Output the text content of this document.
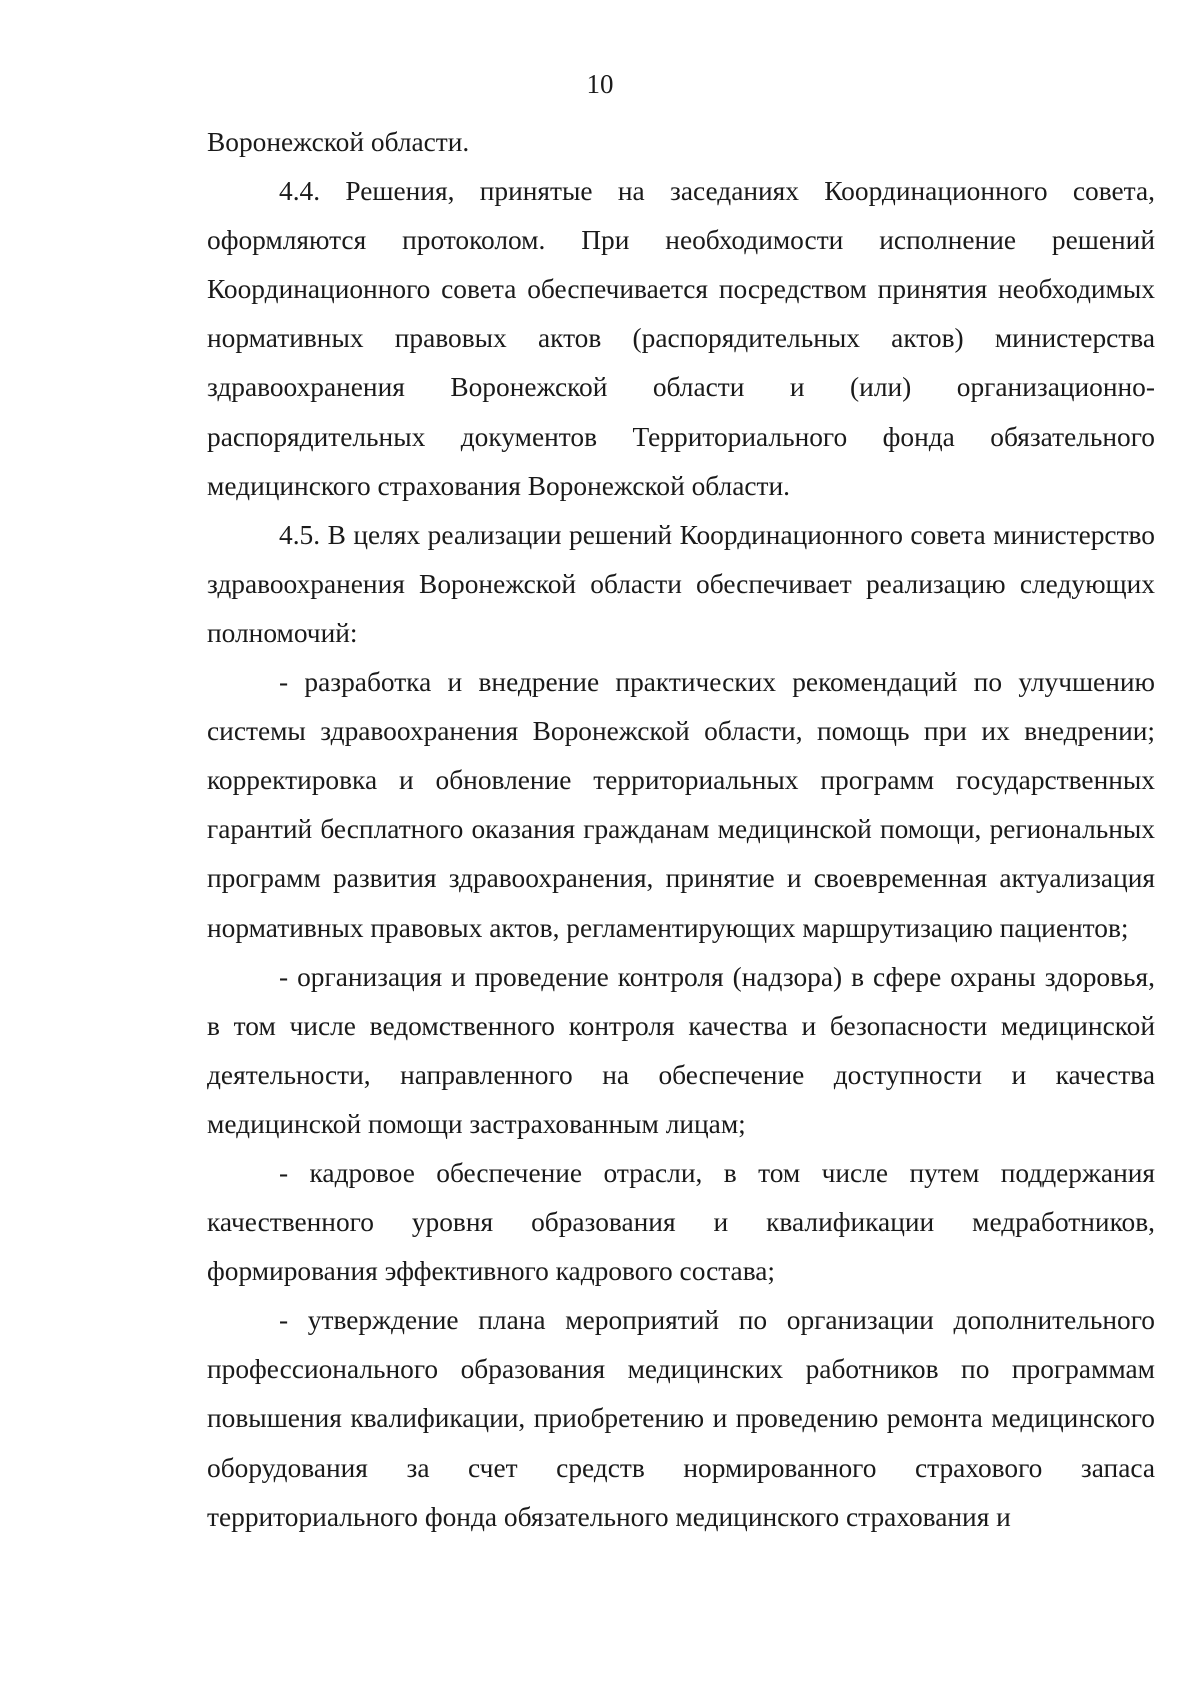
10

Воронежской области.

4.4. Решения, принятые на заседаниях Координационного совета, оформляются протоколом. При необходимости исполнение решений Координационного совета обеспечивается посредством принятия необходимых нормативных правовых актов (распорядительных актов) министерства здравоохранения Воронежской области и (или) организационно-распорядительных документов Территориального фонда обязательного медицинского страхования Воронежской области.

4.5. В целях реализации решений Координационного совета министерство здравоохранения Воронежской области обеспечивает реализацию следующих полномочий:

- разработка и внедрение практических рекомендаций по улучшению системы здравоохранения Воронежской области, помощь при их внедрении; корректировка и обновление территориальных программ государственных гарантий бесплатного оказания гражданам медицинской помощи, региональных программ развития здравоохранения, принятие и своевременная актуализация нормативных правовых актов, регламентирующих маршрутизацию пациентов;

- организация и проведение контроля (надзора) в сфере охраны здоровья, в том числе ведомственного контроля качества и безопасности медицинской деятельности, направленного на обеспечение доступности и качества медицинской помощи застрахованным лицам;

- кадровое обеспечение отрасли, в том числе путем поддержания качественного уровня образования и квалификации медработников, формирования эффективного кадрового состава;

- утверждение плана мероприятий по организации дополнительного профессионального образования медицинских работников по программам повышения квалификации, приобретению и проведению ремонта медицинского оборудования за счет средств нормированного страхового запаса территориального фонда обязательного медицинского страхования и
